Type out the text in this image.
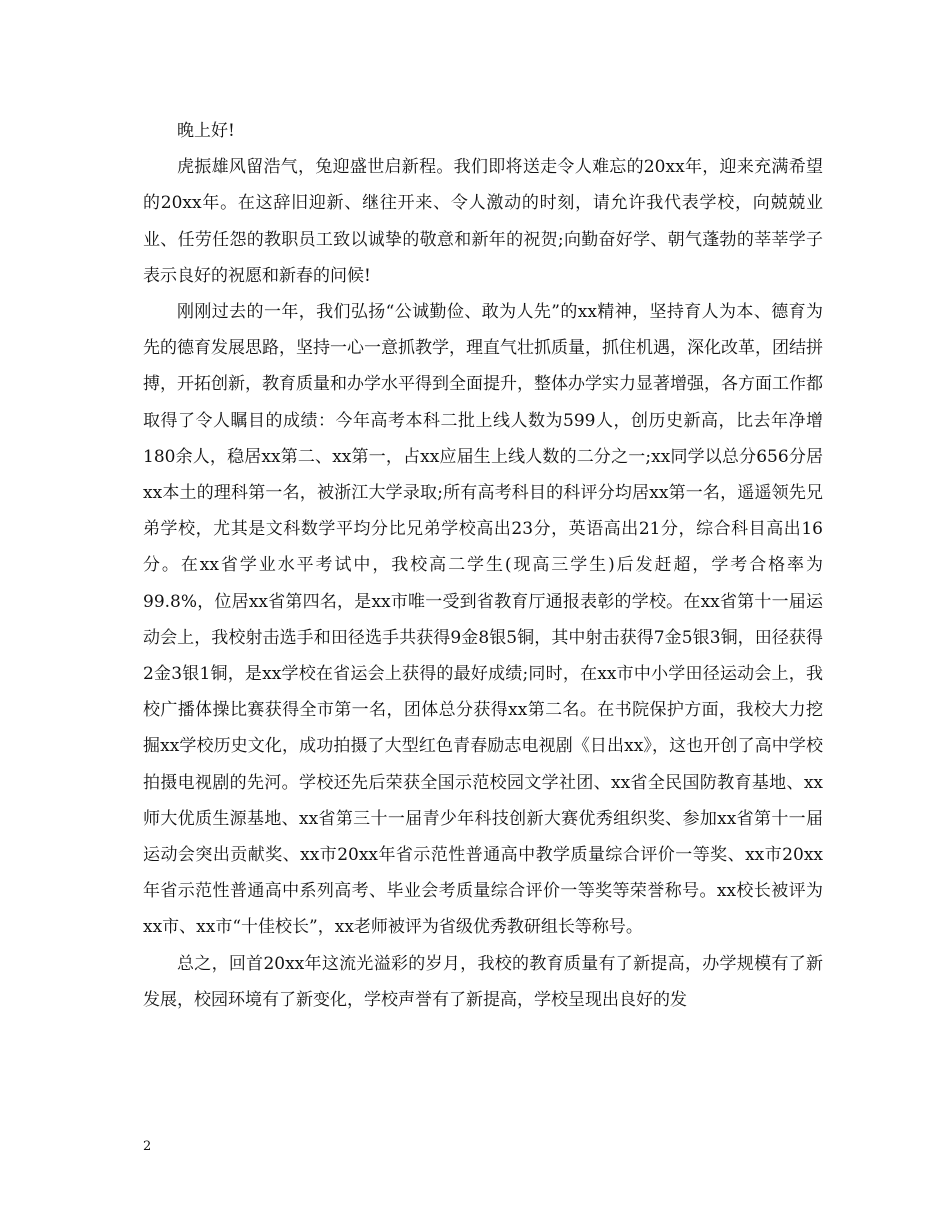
晚上好!

虎振雄风留浩气，兔迎盛世启新程。我们即将送走令人难忘的20xx年，迎来充满希望的20xx年。在这辞旧迎新、继往开来、令人激动的时刻，请允许我代表学校，向兢兢业业、任劳任怨的教职员工致以诚挚的敬意和新年的祝贺;向勤奋好学、朝气蓬勃的莘莘学子表示良好的祝愿和新春的问候!

刚刚过去的一年，我们弘扬“公诚勤俭、敢为人先”的xx精神，坚持育人为本、德育为先的德育发展思路，坚持一心一意抓教学，理直气壮抓质量，抓住机遇，深化改革，团结拼搏，开拓创新，教育质量和办学水平得到全面提升，整体办学实力显著增强，各方面工作都取得了令人瞩目的成绩：今年高考本科二批上线人数为599人，创历史新高，比去年净增180余人，稳居xx第二、xx第一，占xx应届生上线人数的二分之一;xx同学以总分656分居xx本土的理科第一名，被浙江大学录取;所有高考科目的科评分均居xx第一名，遥遥领先兄弟学校，尤其是文科数学平均分比兄弟学校高出23分，英语高出21分，综合科目高出16分。在xx省学业水平考试中，我校高二学生(现高三学生)后发赶超，学考合格率为99.8%，位居xx省第四名，是xx市唯一受到省教育厅通报表彰的学校。在xx省第十一届运动会上，我校射击选手和田径选手共获得9金8银5铜，其中射击获得7金5银3铜，田径获得2金3银1铜，是xx学校在省运会上获得的最好成绩;同时，在xx市中小学田径运动会上，我校广播体操比赛获得全市第一名，团体总分获得xx第二名。在书院保护方面，我校大力挖掘xx学校历史文化，成功拍摄了大型红色青春励志电视剧《日出xx》，这也开创了高中学校拍摄电视剧的先河。学校还先后荣获全国示范校园文学社团、xx省全民国防教育基地、xx师大优质生源基地、xx省第三十一届青少年科技创新大赛优秀组织奖、参加xx省第十一届运动会突出贡献奖、xx市20xx年省示范性普通高中教学质量综合评价一等奖、xx市20xx年省示范性普通高中系列高考、毕业会考质量综合评价一等奖等荣誉称号。xx校长被评为xx市、xx市“十佳校长”，xx老师被评为省级优秀教研组长等称号。

总之，回首20xx年这流光溢彩的岁月，我校的教育质量有了新提高，办学规模有了新发展，校园环境有了新变化，学校声誉有了新提高，学校呈现出良好的发

2
